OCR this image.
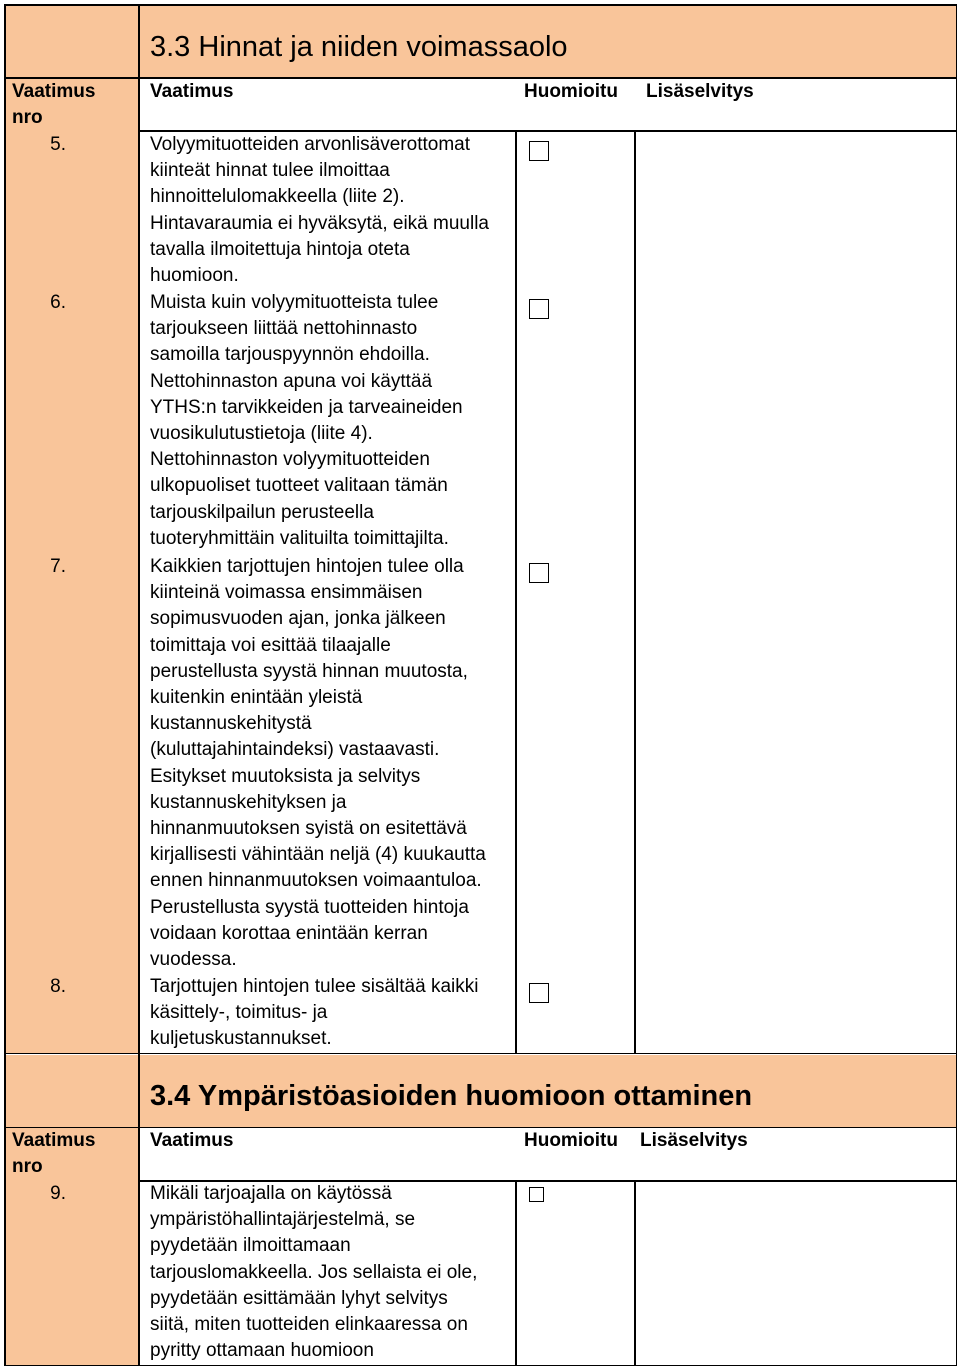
3.3 Hinnat ja niiden voimassaolo
Vaatimus
nro
Vaatimus	Huomioitu Lisäselvitys
5.	Volyymituotteiden arvonlisäverottomat
kiinteät hinnat tulee ilmoittaa
hinnoittelulomakkeella (liite 2).
Hintavaraumia ei hyväksytä, eikä muulla
tavalla ilmoitettuja hintoja oteta
huomioon.
6.	Muista kuin volyymituotteista tulee
tarjoukseen liittää nettohinnasto
samoilla tarjouspyynnön ehdoilla.
Nettohinnaston apuna voi käyttää
YTHS:n tarvikkeiden ja tarveaineiden
vuosikulutustietoja (liite 4).
Nettohinnaston volyymituotteiden
ulkopuoliset tuotteet valitaan tämän
tarjouskilpailun perusteella
tuoteryhmittäin valituilta toimittajilta.
7.	Kaikkien tarjottujen hintojen tulee olla
kiinteinä voimassa ensimmäisen
sopimusvuoden ajan, jonka jälkeen
toimittaja voi esittää tilaajalle
perustellusta syystä hinnan muutosta,
kuitenkin enintään yleistä
kustannuskehitystä
(kuluttajahintaindeksi) vastaavasti.
Esitykset muutoksista ja selvitys
kustannuskehityksen ja
hinnanmuutoksen syistä on esitettävä
kirjallisesti vähintään neljä (4) kuukautta
ennen hinnanmuutoksen voimaantuloa.
Perustellusta syystä tuotteiden hintoja
voidaan korottaa enintään kerran
vuodessa.
8.	Tarjottujen hintojen tulee sisältää kaikki
käsittely-, toimitus- ja
kuljetuskustannukset.
3.4 Ympäristöasioiden huomioon ottaminen
Vaatimus
nro
Vaatimus	Huomioitu Lisäselvitys
9.	Mikäli tarjoajalla on käytössä
ympäristöhallintajärjestelmä, se
pyydetään ilmoittamaan
tarjouslomakkeella. Jos sellaista ei ole,
pyydetään esittämään lyhyt selvitys
siitä, miten tuotteiden elinkaaressa on
pyritty ottamaan huomioon
